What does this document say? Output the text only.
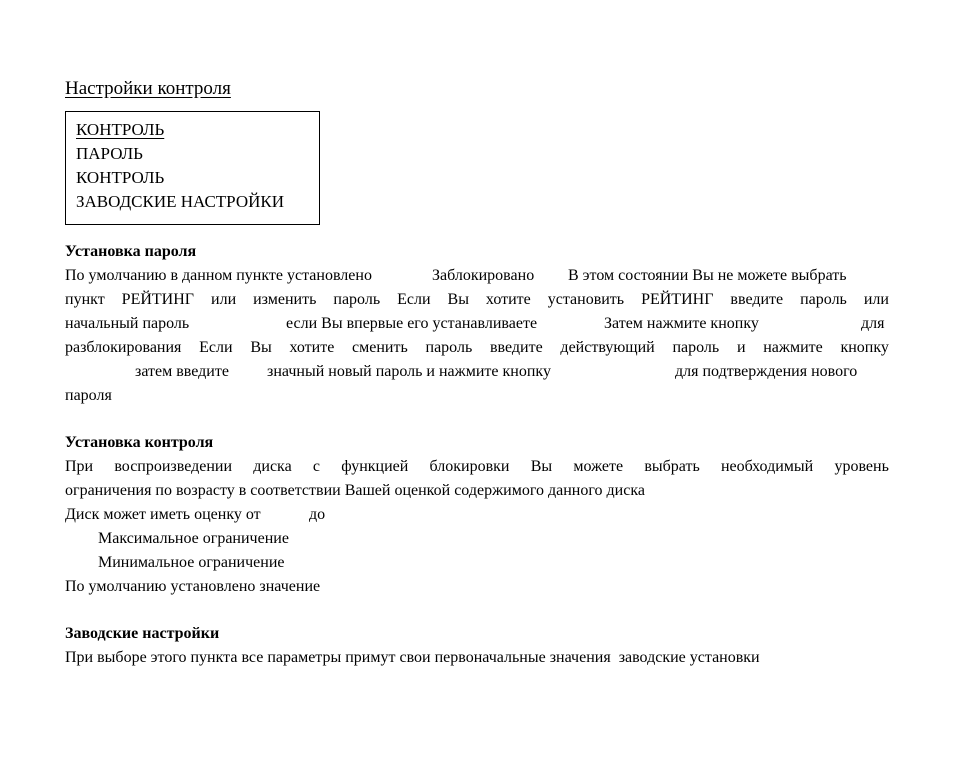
Настройки контроля
КОНТРОЛЬ
ПАРОЛЬ
КОНТРОЛЬ
ЗАВОДСКИЕ НАСТРОЙКИ
Установка пароля
По умолчанию в данном пункте установлено	Заблокировано В этом состоянии Вы не можете выбрать
пункт РЕЙТИНГ или изменить пароль Если Вы хотите установить РЕЙТИНГ введите пароль или
начальный пароль	если Вы впервые его устанавливаете	Затем нажмите кнопку	для
разблокирования Если Вы хотите сменить пароль введите действующий пароль и нажмите кнопку
затем введите значный новый пароль и нажмите кнопку	для подтверждения нового
пароля
Установка контроля
При воспроизведении диска с функцией блокировки Вы можете выбрать необходимый уровень
ограничения по возрасту в соответствии Вашей оценкой содержимого данного диска
Диск может иметь оценку от	до
Максимальное ограничение
Минимальное ограничение
По умолчанию установлено значение
Заводские настройки
При выборе этого пункта все параметры примут свои первоначальные значения  заводские установки
